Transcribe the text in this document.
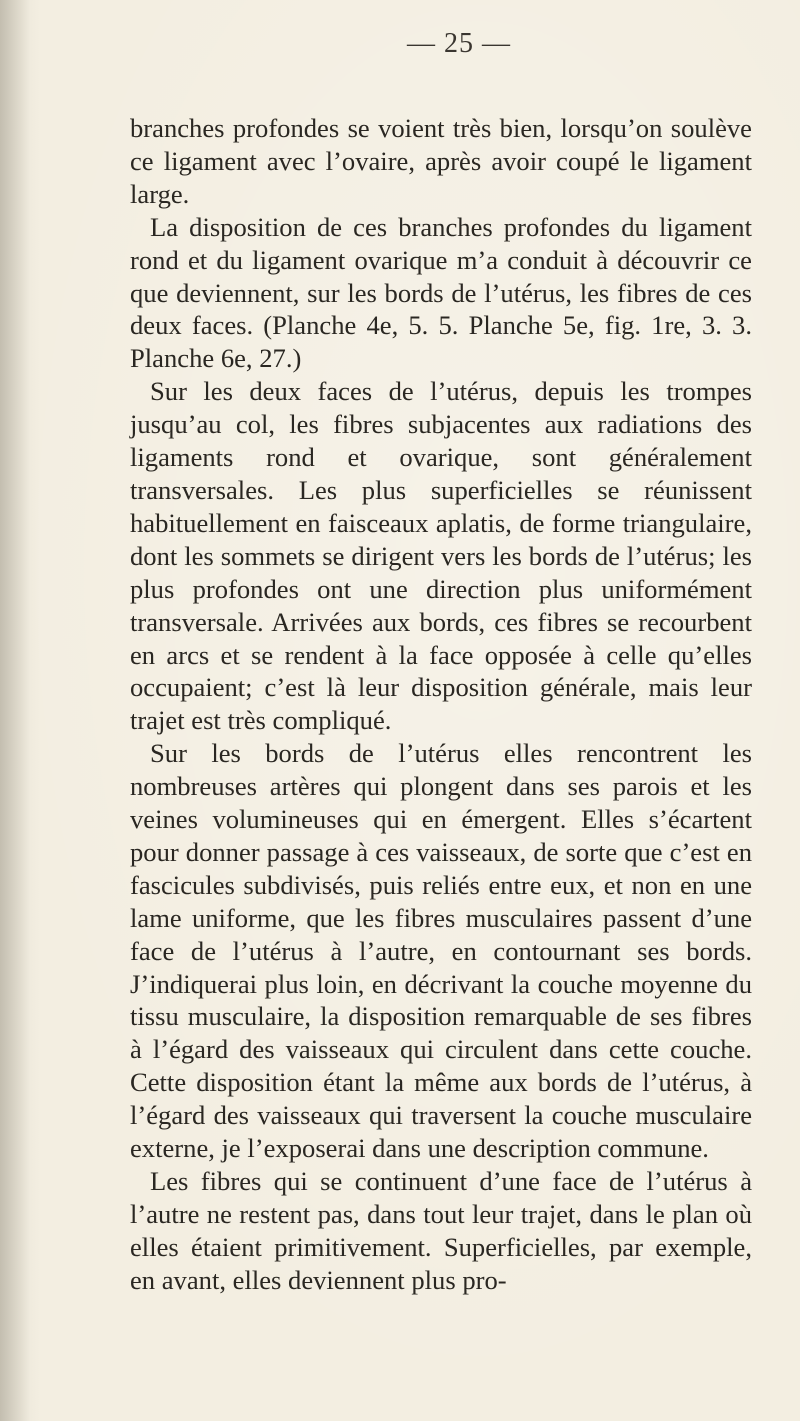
— 25 —

branches profondes se voient très bien, lorsqu’on soulève ce ligament avec l’ovaire, après avoir coupé le ligament large.

La disposition de ces branches profondes du ligament rond et du ligament ovarique m’a conduit à découvrir ce que deviennent, sur les bords de l’utérus, les fibres de ces deux faces. (Planche 4e, 5. 5. Planche 5e, fig. 1re, 3. 3. Planche 6e, 27.)

Sur les deux faces de l’utérus, depuis les trompes jusqu’au col, les fibres subjacentes aux radiations des ligaments rond et ovarique, sont généralement transversales. Les plus superficielles se réunissent habituellement en faisceaux aplatis, de forme triangulaire, dont les sommets se dirigent vers les bords de l’utérus; les plus profondes ont une direction plus uniformément transversale. Arrivées aux bords, ces fibres se recourbent en arcs et se rendent à la face opposée à celle qu’elles occupaient; c’est là leur disposition générale, mais leur trajet est très compliqué.

Sur les bords de l’utérus elles rencontrent les nombreuses artères qui plongent dans ses parois et les veines volumineuses qui en émergent. Elles s’écartent pour donner passage à ces vaisseaux, de sorte que c’est en fascicules subdivisés, puis reliés entre eux, et non en une lame uniforme, que les fibres musculaires passent d’une face de l’utérus à l’autre, en contournant ses bords. J’indiquerai plus loin, en décrivant la couche moyenne du tissu musculaire, la disposition remarquable de ses fibres à l’égard des vaisseaux qui circulent dans cette couche. Cette disposition étant la même aux bords de l’utérus, à l’égard des vaisseaux qui traversent la couche musculaire externe, je l’exposerai dans une description commune.

Les fibres qui se continuent d’une face de l’utérus à l’autre ne restent pas, dans tout leur trajet, dans le plan où elles étaient primitivement. Superficielles, par exemple, en avant, elles deviennent plus pro-
